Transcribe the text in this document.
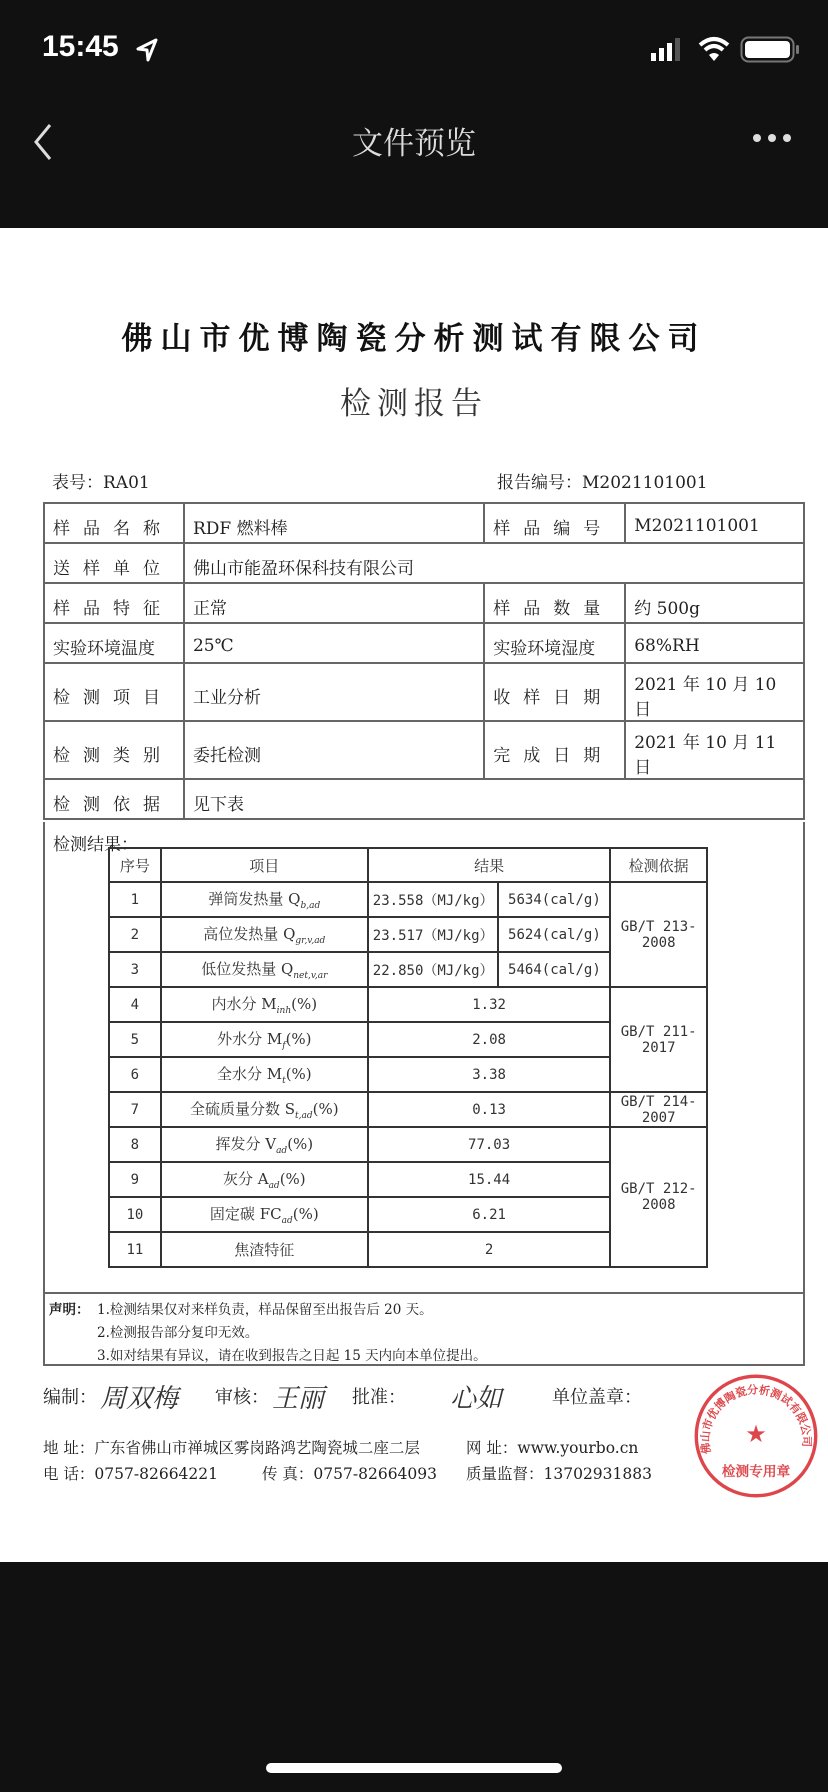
15:45
文件预览
佛山市优博陶瓷分析测试有限公司
检测报告
表号：RA01	报告编号：M2021101001
样品名称	RDF 燃料棒	样品编号	M2021101001
送样单位	佛山市能盈环保科技有限公司		
样品特征	正常	样品数量	约 500g
实验环境温度	25℃	实验环境湿度	68%RH
检测项目	工业分析	收样日期	2021 年 10 月 10 日
检测类别	委托检测	完成日期	2021 年 10 月 11 日
检测依据	见下表		
检测结果：
序号	项目	结果		检测依据
1	弹筒发热量 $Q_{b,ad}$	23.558（MJ/kg）	5634(cal/g)	GB/T 213-2008
2	高位发热量 $Q_{gr,v,ad}$	23.517（MJ/kg）	5624(cal/g)	
3	低位发热量 $Q_{net,v,ar}$	22.850（MJ/kg）	5464(cal/g)	
4	内水分 $M_{inh}(\%)$	1.32		GB/T 211-2017
5	外水分 $M_f(\%)$	2.08		
6	全水分 $M_t(\%)$	3.38		
7	全硫质量分数 $S_{t,ad}(\%)$	0.13		GB/T 214-2007
8	挥发分 $V_{ad}(\%)$	77.03		GB/T 212-2008
9	灰分 $A_{ad}(\%)$	15.44		
10	固定碳 $FC_{ad}(\%)$	6.21		
11	焦渣特征	2		
声明： 1.检测结果仅对来样负责，样品保留至出报告后 20 天。
2.检测报告部分复印无效。
3.如对结果有异议，请在收到报告之日起 15 天内向本单位提出。
编制： 周双梅 审核： 王丽 批准： 心如	单位盖章：
地 址：广东省佛山市禅城区雾岗路鸿艺陶瓷城二座二层	网 址：www.yourbo.cn
电 话：0757-82664221	传 真：0757-82664093 质量监督：13702931883
佛山市优博陶瓷分析测试有限公司
★
检测专用章
